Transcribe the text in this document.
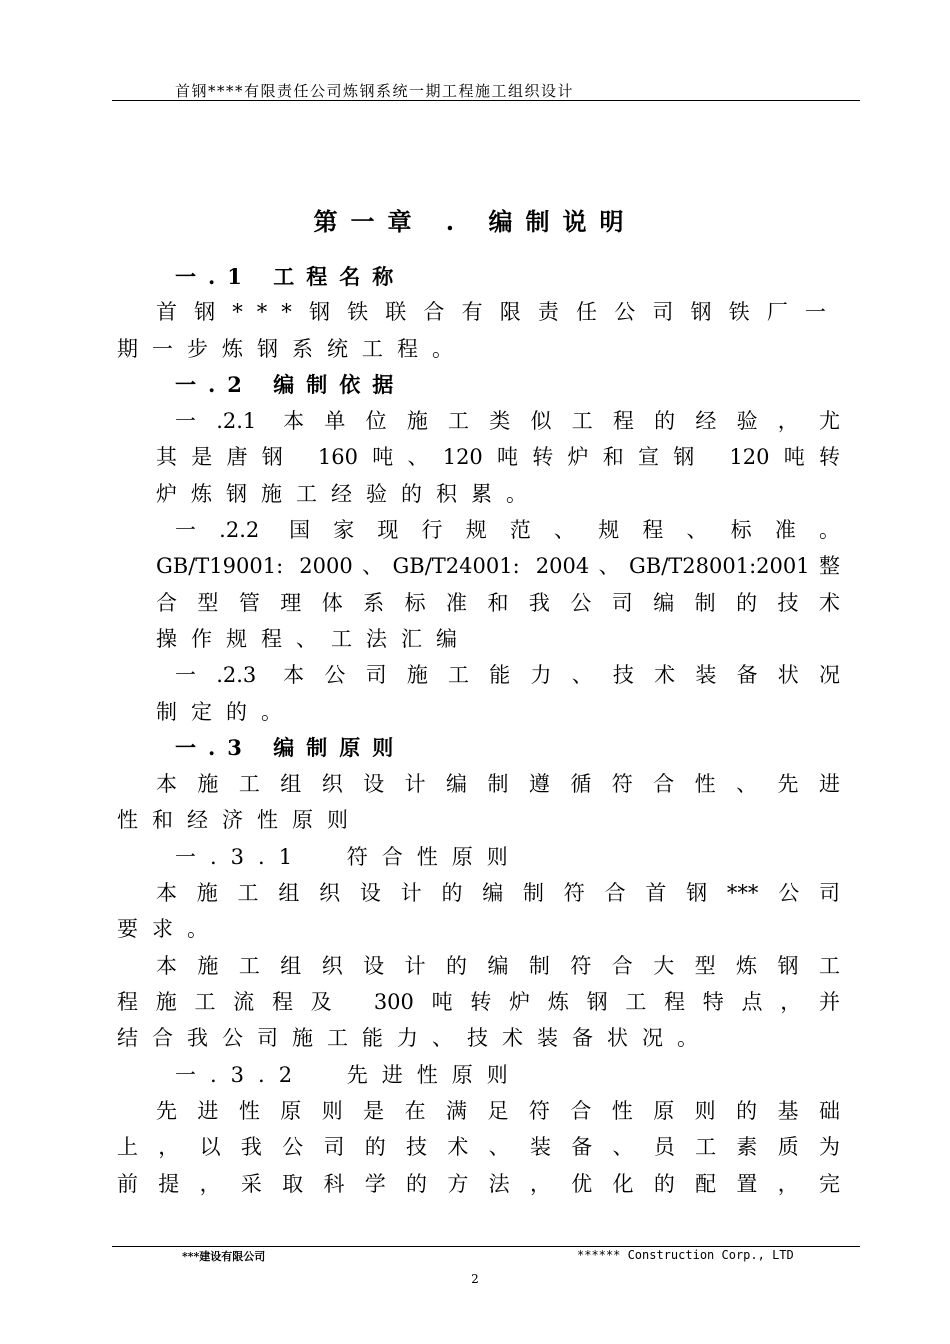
首钢****有限责任公司炼钢系统一期工程施工组织设计
第一章 . 编制说明
一.1 工程名称
首钢***钢铁联合有限责任公司钢铁厂一
期一步炼钢系统工程。
一.2 编制依据
一.2.1 本单位施工类似工程的经验，尤
其是唐钢 160吨、120吨转炉和宣钢 120吨转
炉炼钢施工经验的积累。
一.2.2 国家现行规范、规程、标准。
GB/T19001: 2000、GB/T24001: 2004、GB/T28001:2001整
合型管理体系标准和我公司编制的技术
操作规程、工法汇编
一.2.3 本公司施工能力、技术装备状况
制定的。
一.3 编制原则
本施工组织设计编制遵循符合性、先进
性和经济性原则
一.3.1 符合性原则
本施工组织设计的编制符合首钢***公司
要求。
本施工组织设计的编制符合大型炼钢工
程施工流程及 300吨转炉炼钢工程特点，并
结合我公司施工能力、技术装备状况。
一.3.2 先进性原则
先进性原则是在满足符合性原则的基础
上，以我公司的技术、装备、员工素质为
前提，采取科学的方法，优化的配置，完
***建设有限公司	****** Construction Corp., LTD
2
